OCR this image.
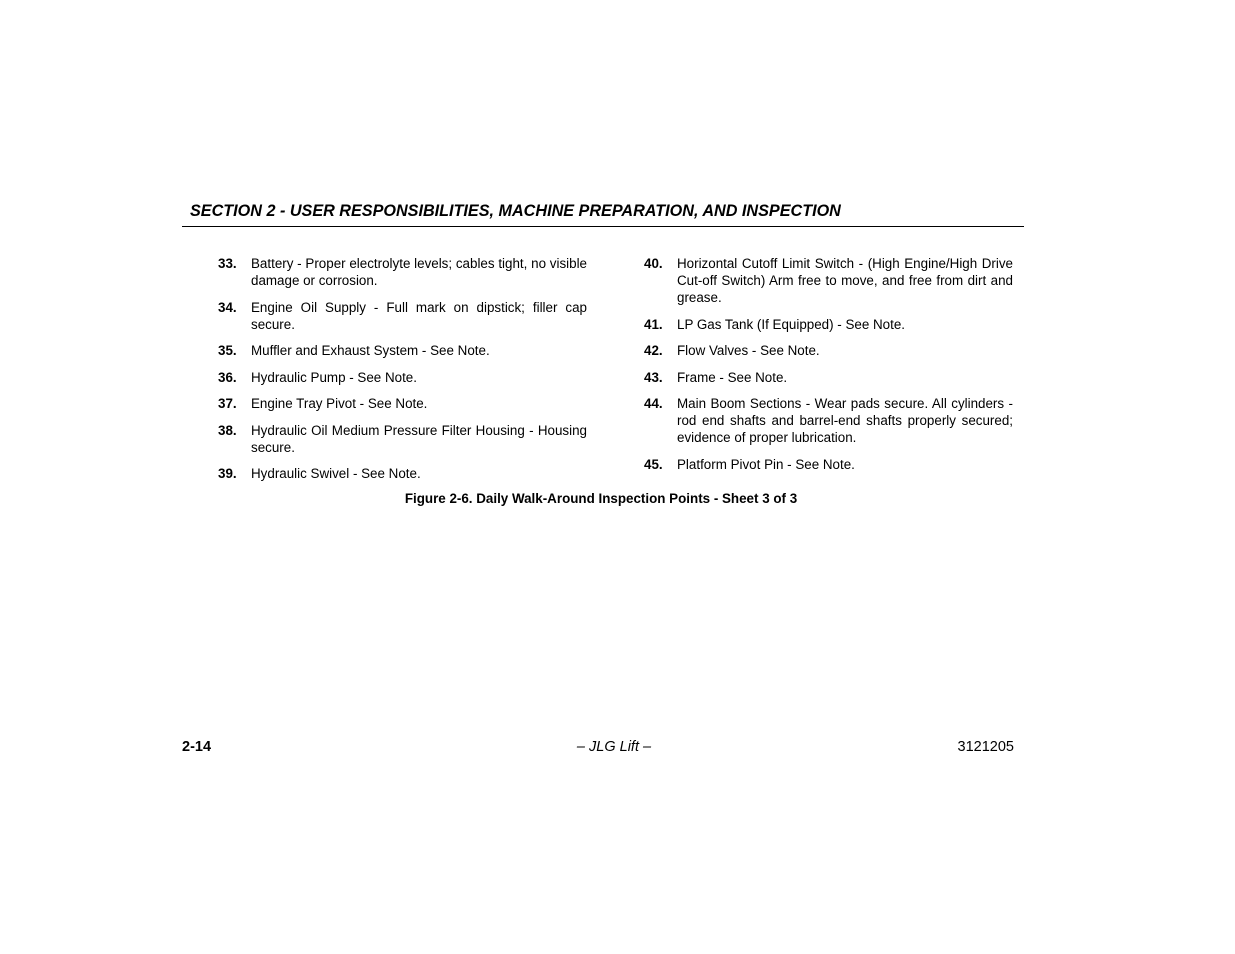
SECTION 2 - USER RESPONSIBILITIES, MACHINE PREPARATION, AND INSPECTION
33.	Battery - Proper electrolyte levels; cables tight, no visible damage or corrosion.
34.	Engine Oil Supply - Full mark on dipstick; filler cap secure.
35.	Muffler and Exhaust System - See Note.
36.	Hydraulic Pump - See Note.
37.	Engine Tray Pivot - See Note.
38.	Hydraulic Oil Medium Pressure Filter Housing - Housing secure.
39.	Hydraulic Swivel - See Note.
40.	Horizontal Cutoff Limit Switch - (High Engine/High Drive Cut-off Switch) Arm free to move, and free from dirt and grease.
41.	LP Gas Tank (If Equipped) - See Note.
42.	Flow Valves - See Note.
43.	Frame - See Note.
44.	Main Boom Sections - Wear pads secure. All cylinders - rod end shafts and barrel-end shafts properly secured; evidence of proper lubrication.
45.	Platform Pivot Pin - See Note.
Figure 2-6. Daily Walk-Around Inspection Points - Sheet 3 of 3
2-14	– JLG Lift –	3121205
